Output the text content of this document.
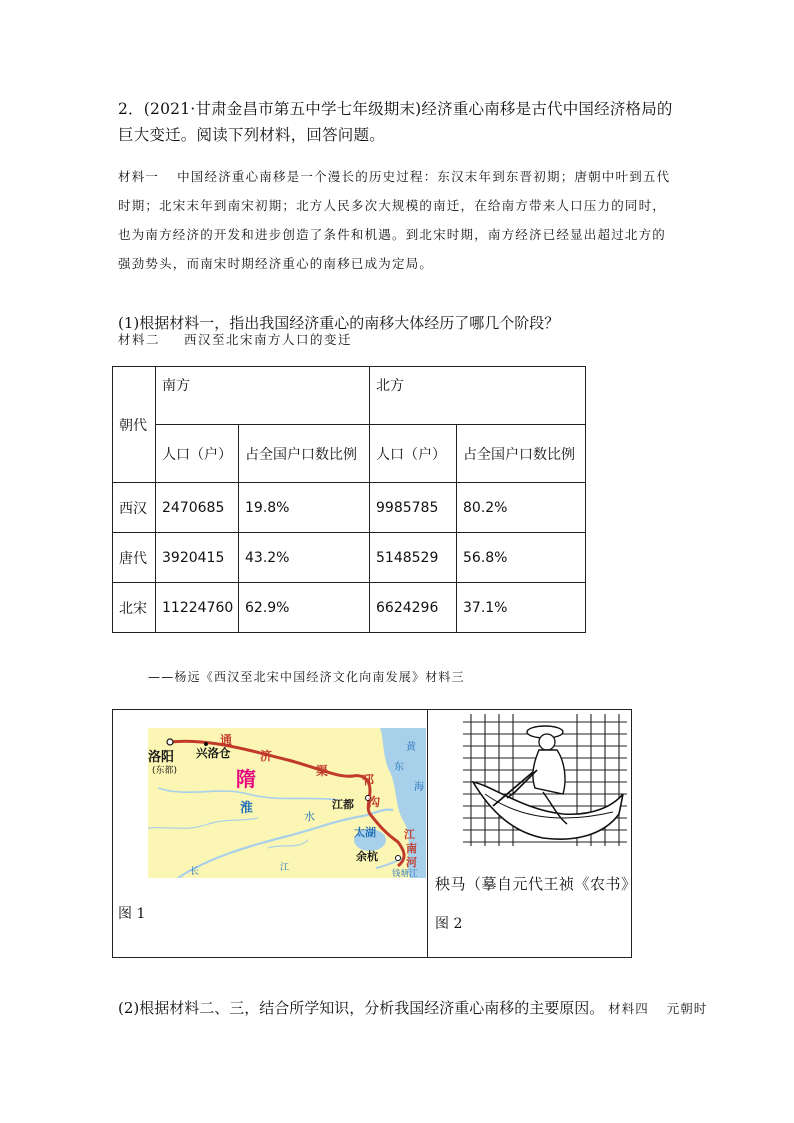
2．(2021·甘肃金昌市第五中学七年级期末)经济重心南移是古代中国经济格局的巨大变迁。阅读下列材料，回答问题。
材料一 中国经济重心南移是一个漫长的历史过程：东汉末年到东晋初期；唐朝中叶到五代时期；北宋末年到南宋初期；北方人民多次大规模的南迁，在给南方带来人口压力的同时，也为南方经济的开发和进步创造了条件和机遇。到北宋时期，南方经济已经显出超过北方的强劲势头，而南宋时期经济重心的南移已成为定局。
(1)根据材料一，指出我国经济重心的南移大体经历了哪几个阶段？
材料二 西汉至北宋南方人口的变迁
朝代	南方		北方	
	人口（户）	占全国户口数比例	人口（户）	占全国户口数比例
西汉	2470685	19.8%	9985785	80.2%
唐代	3920415	43.2%	5148529	56.8%
北宋	11224760	62.9%	6624296	37.1%
——杨远《西汉至北宋中国经济文化向南发展》材料三
洛阳
(东都)
兴洛仓
通
济
渠
隋
淮
水
邗
沟
江都
太湖	江
南
河
余杭
钱塘江
黄
海
东
长	江
图 1
秧马（摹自元代王祯《农书》
图 2
(2)根据材料二、三，结合所学知识，分析我国经济重心南移的主要原因。 材料四 元朝时
